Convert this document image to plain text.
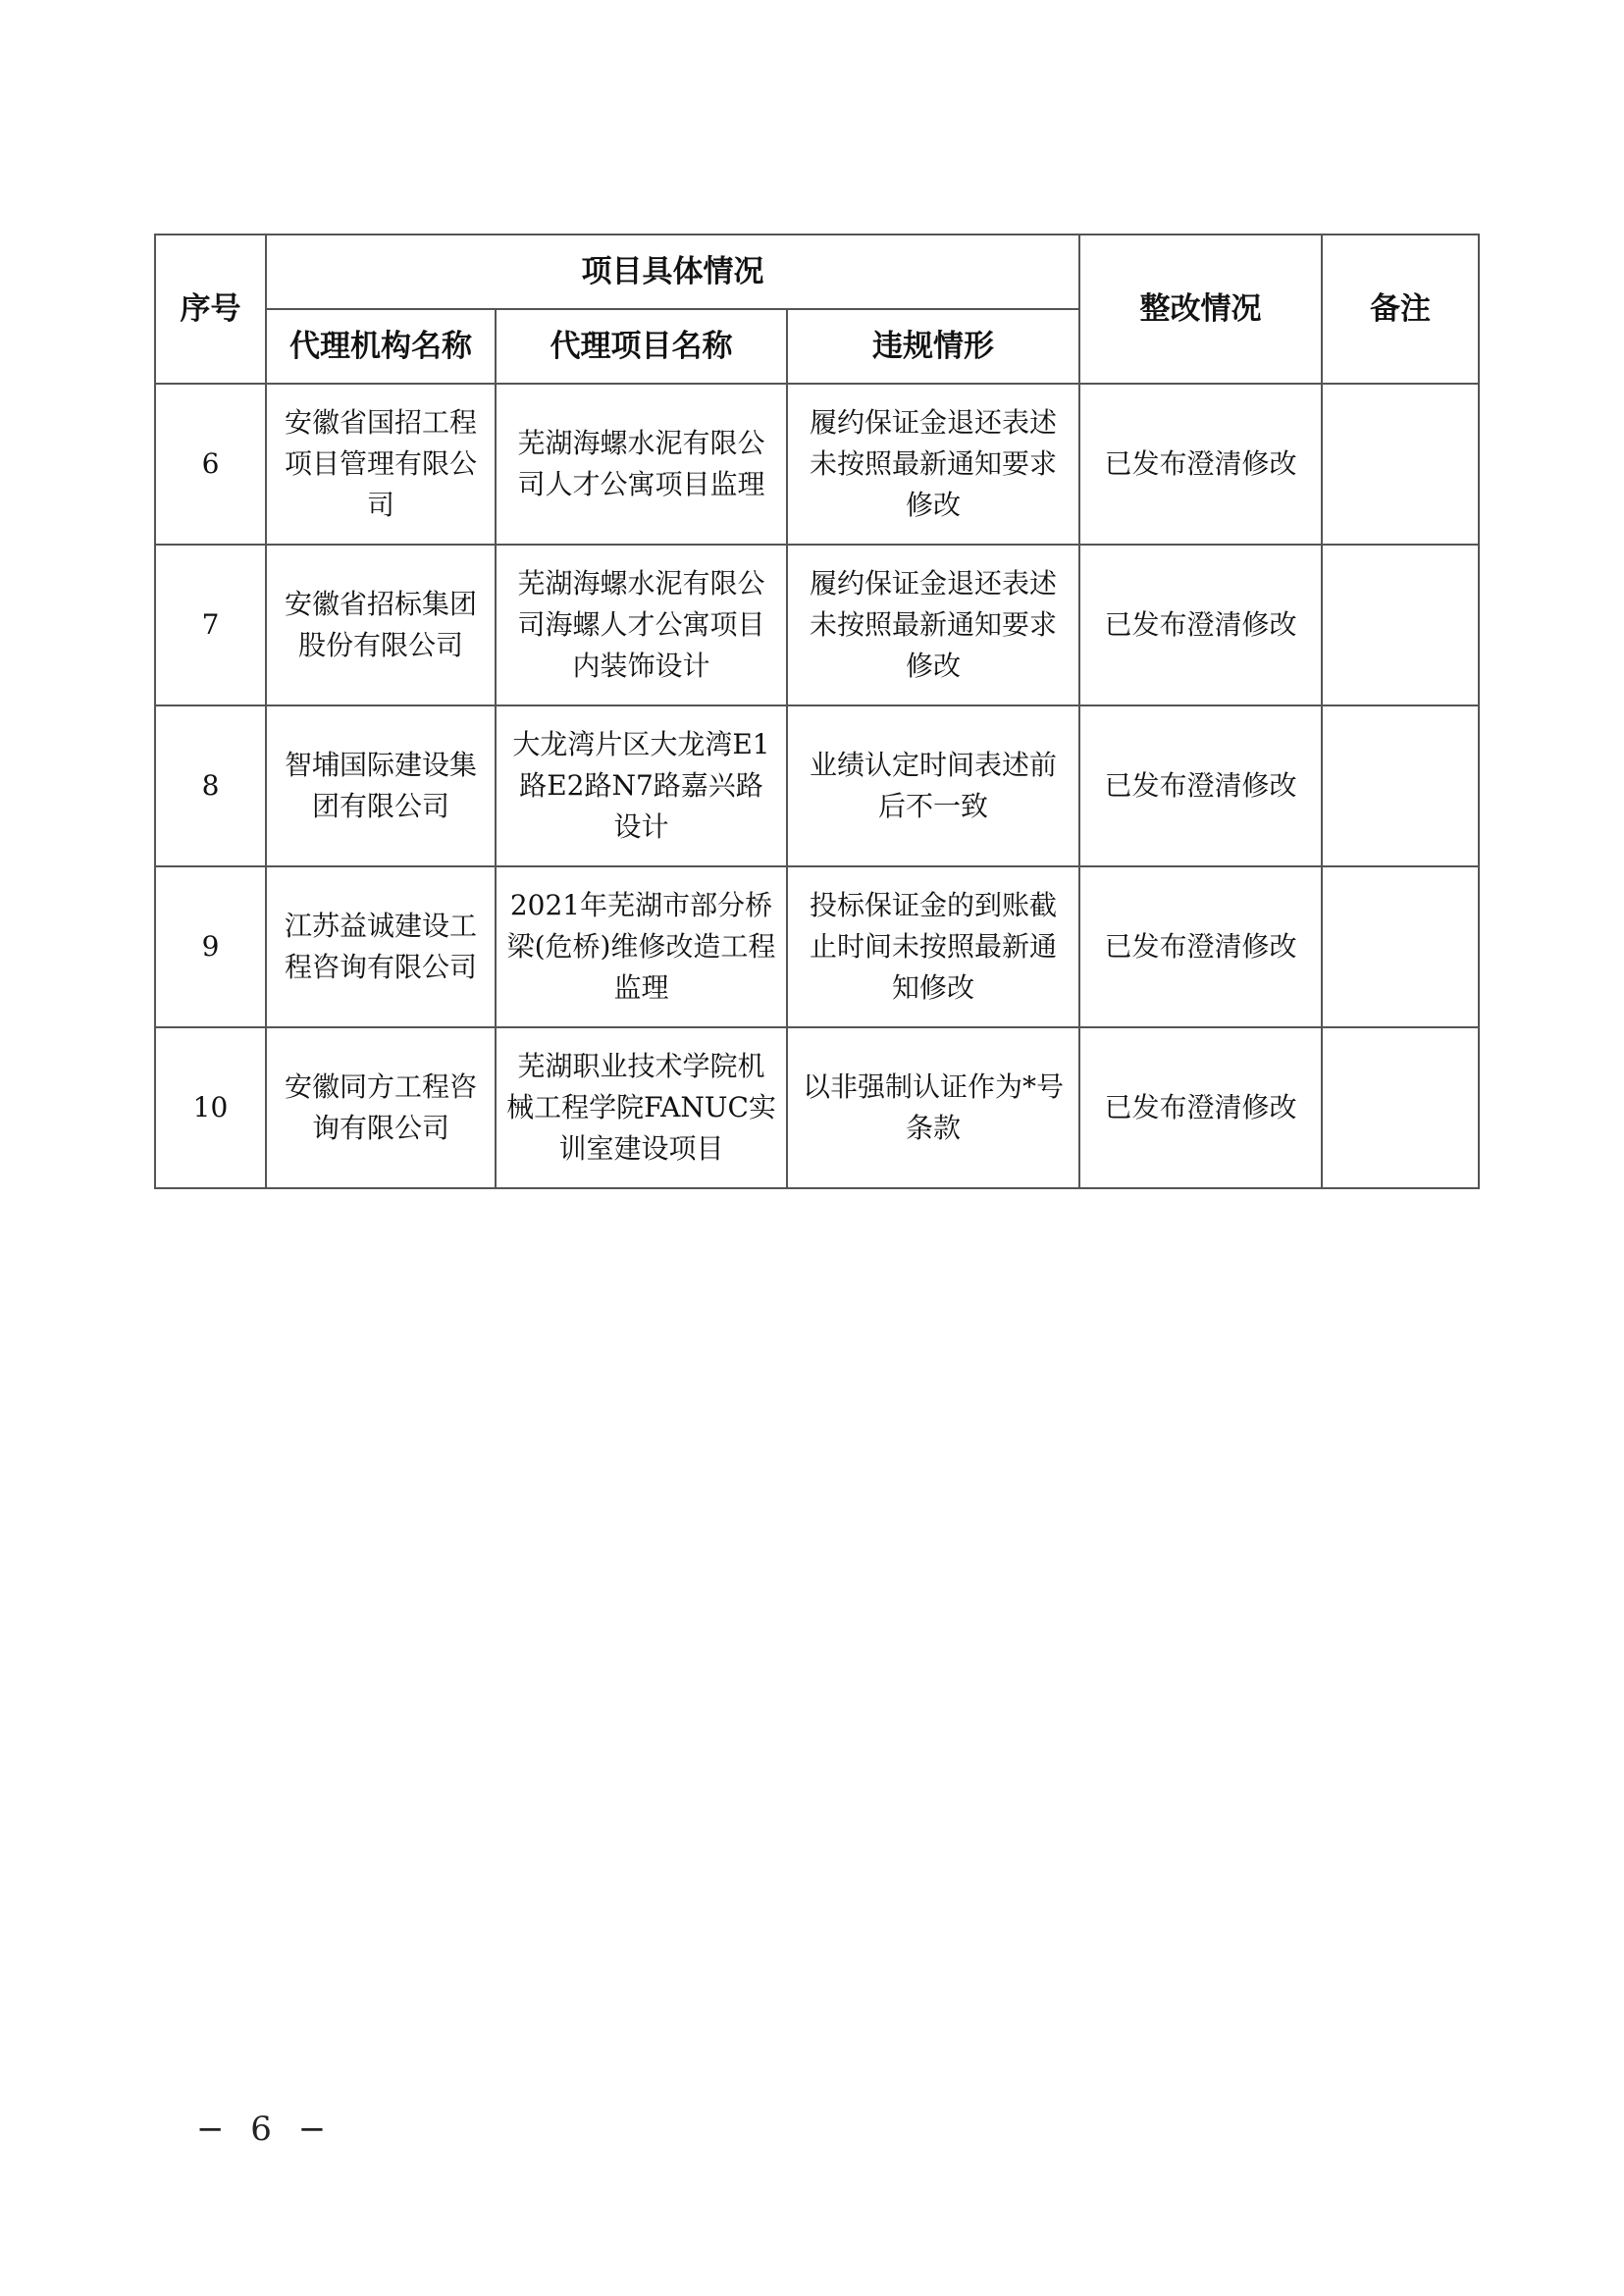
序号	项目具体情况			整改情况	备注
	代理机构名称	代理项目名称	违规情形		
6	安徽省国招工程项目管理有限公司	芜湖海螺水泥有限公司人才公寓项目监理	履约保证金退还表述未按照最新通知要求修改	已发布澄清修改	
7	安徽省招标集团股份有限公司	芜湖海螺水泥有限公司海螺人才公寓项目内装饰设计	履约保证金退还表述未按照最新通知要求修改	已发布澄清修改	
8	智埔国际建设集团有限公司	大龙湾片区大龙湾E1路E2路N7路嘉兴路设计	业绩认定时间表述前后不一致	已发布澄清修改	
9	江苏益诚建设工程咨询有限公司	2021年芜湖市部分桥梁(危桥)维修改造工程监理	投标保证金的到账截止时间未按照最新通知修改	已发布澄清修改	
10	安徽同方工程咨询有限公司	芜湖职业技术学院机械工程学院FANUC实训室建设项目	以非强制认证作为*号条款	已发布澄清修改	
− 6 −
